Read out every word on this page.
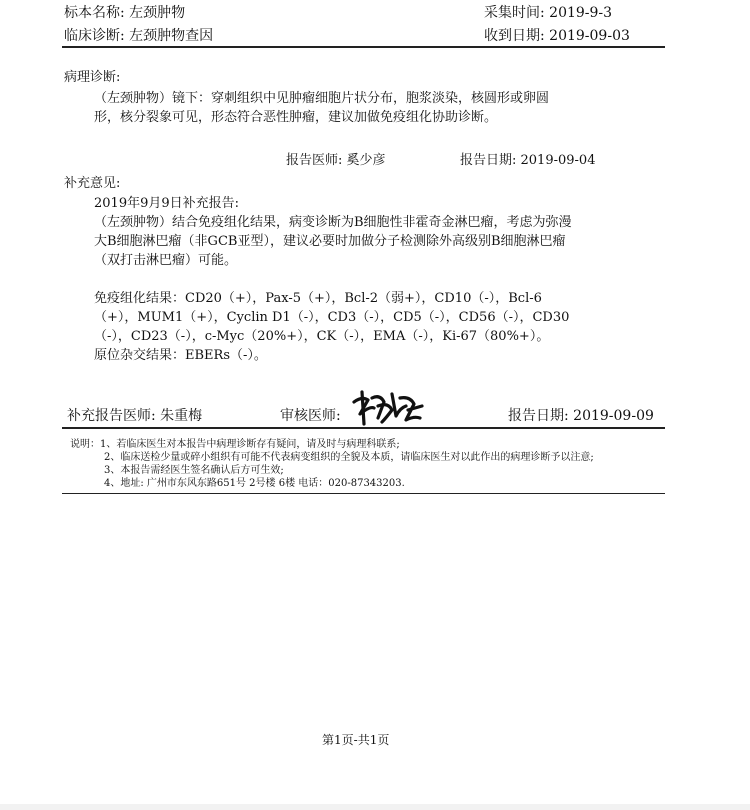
标本名称: 左颈肿物	采集时间: 2019-9-3
临床诊断: 左颈肿物查因	收到日期: 2019-09-03
病理诊断:
（左颈肿物）镜下：穿刺组织中见肿瘤细胞片状分布，胞浆淡染，核圆形或卵圆
形，核分裂象可见，形态符合恶性肿瘤，建议加做免疫组化协助诊断。
报告医师: 奚少彦	报告日期: 2019-09-04
补充意见:
2019年9月9日补充报告:
（左颈肿物）结合免疫组化结果，病变诊断为B细胞性非霍奇金淋巴瘤，考虑为弥漫
大B细胞淋巴瘤（非GCB亚型），建议必要时加做分子检测除外高级别B细胞淋巴瘤
（双打击淋巴瘤）可能。
免疫组化结果：CD20（+），Pax-5（+），Bcl-2（弱+），CD10（-），Bcl-6
（+），MUM1（+），Cyclin D1（-），CD3（-），CD5（-），CD56（-），CD30
（-），CD23（-），c-Myc（20%+），CK（-），EMA（-），Ki-67（80%+）。
原位杂交结果：EBERs（-）。
补充报告医师: 朱重梅	审核医师:	报告日期: 2019-09-09
说明：1、若临床医生对本报告中病理诊断存有疑问，请及时与病理科联系;
2、临床送检少量或碎小组织有可能不代表病变组织的全貌及本质，请临床医生对以此作出的病理诊断予以注意;
3、本报告需经医生签名确认后方可生效;
4、地址: 广州市东风东路651号 2号楼 6楼 电话：020-87343203.
第1页-共1页
